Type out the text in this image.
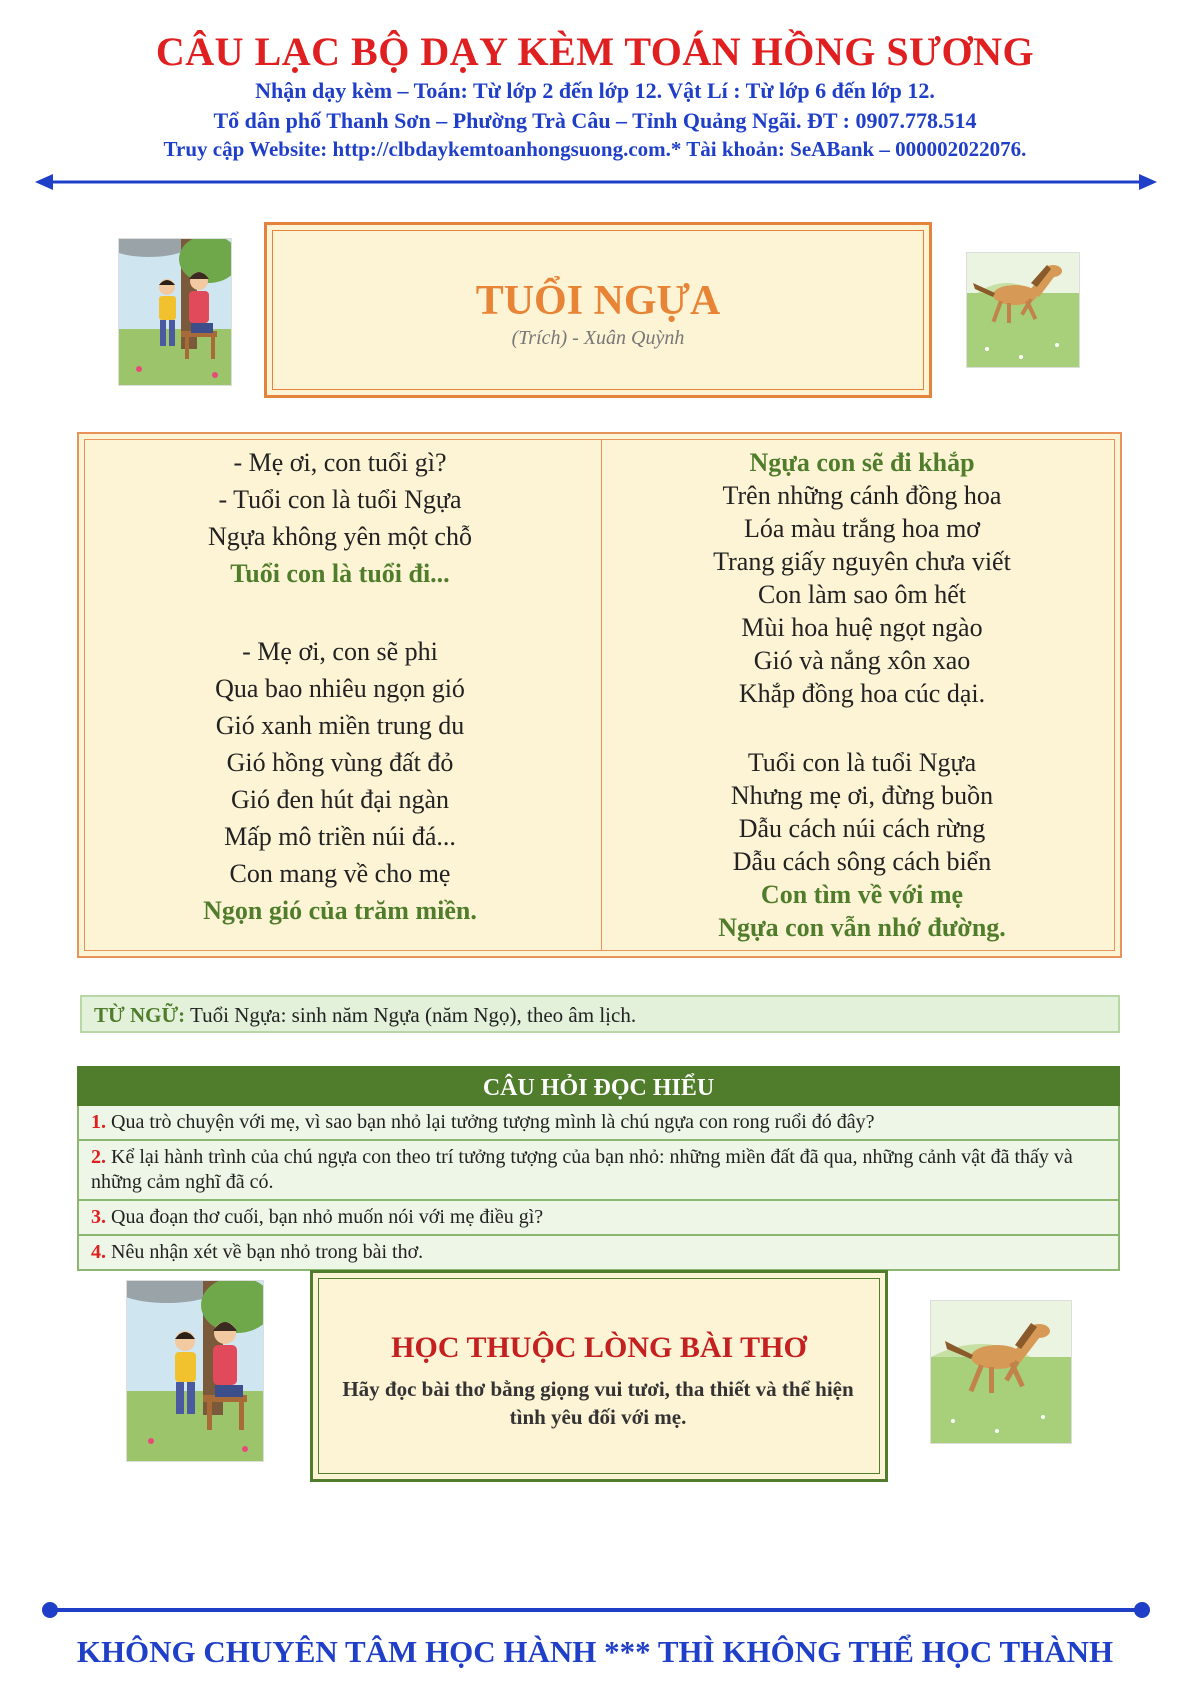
CÂU LẠC BỘ DẠY KÈM TOÁN HỒNG SƯƠNG
Nhận dạy kèm – Toán: Từ lớp 2 đến lớp 12. Vật Lí : Từ lớp 6 đến lớp 12.
Tổ dân phố Thanh Sơn – Phường Trà Câu – Tỉnh Quảng Ngãi. ĐT : 0907.778.514
Truy cập Website: http://clbdaykemtoanhongsuong.com.* Tài khoản: SeABank – 000002022076.
TUỔI NGỰA
(Trích) - Xuân Quỳnh
- Mẹ ơi, con tuổi gì?
- Tuổi con là tuổi Ngựa
Ngựa không yên một chỗ
Tuổi con là tuổi đi...
- Mẹ ơi, con sẽ phi
Qua bao nhiêu ngọn gió
Gió xanh miền trung du
Gió hồng vùng đất đỏ
Gió đen hút đại ngàn
Mấp mô triền núi đá...
Con mang về cho mẹ
Ngọn gió của trăm miền.
Ngựa con sẽ đi khắp
Trên những cánh đồng hoa
Lóa màu trắng hoa mơ
Trang giấy nguyên chưa viết
Con làm sao ôm hết
Mùi hoa huệ ngọt ngào
Gió và nắng xôn xao
Khắp đồng hoa cúc dại.
Tuổi con là tuổi Ngựa
Nhưng mẹ ơi, đừng buồn
Dẫu cách núi cách rừng
Dẫu cách sông cách biển
Con tìm về với mẹ
Ngựa con vẫn nhớ đường.
TỪ NGỮ: Tuổi Ngựa: sinh năm Ngựa (năm Ngọ), theo âm lịch.
CÂU HỎI ĐỌC HIỂU
1. Qua trò chuyện với mẹ, vì sao bạn nhỏ lại tưởng tượng mình là chú ngựa con rong ruổi đó đây?
2. Kể lại hành trình của chú ngựa con theo trí tưởng tượng của bạn nhỏ: những miền đất đã qua, những cảnh vật đã thấy và những cảm nghĩ đã có.
3. Qua đoạn thơ cuối, bạn nhỏ muốn nói với mẹ điều gì?
4. Nêu nhận xét về bạn nhỏ trong bài thơ.
HỌC THUỘC LÒNG BÀI THƠ
Hãy đọc bài thơ bằng giọng vui tươi, tha thiết và thể hiện tình yêu đối với mẹ.
KHÔNG CHUYÊN TÂM HỌC HÀNH *** THÌ KHÔNG THỂ HỌC THÀNH
